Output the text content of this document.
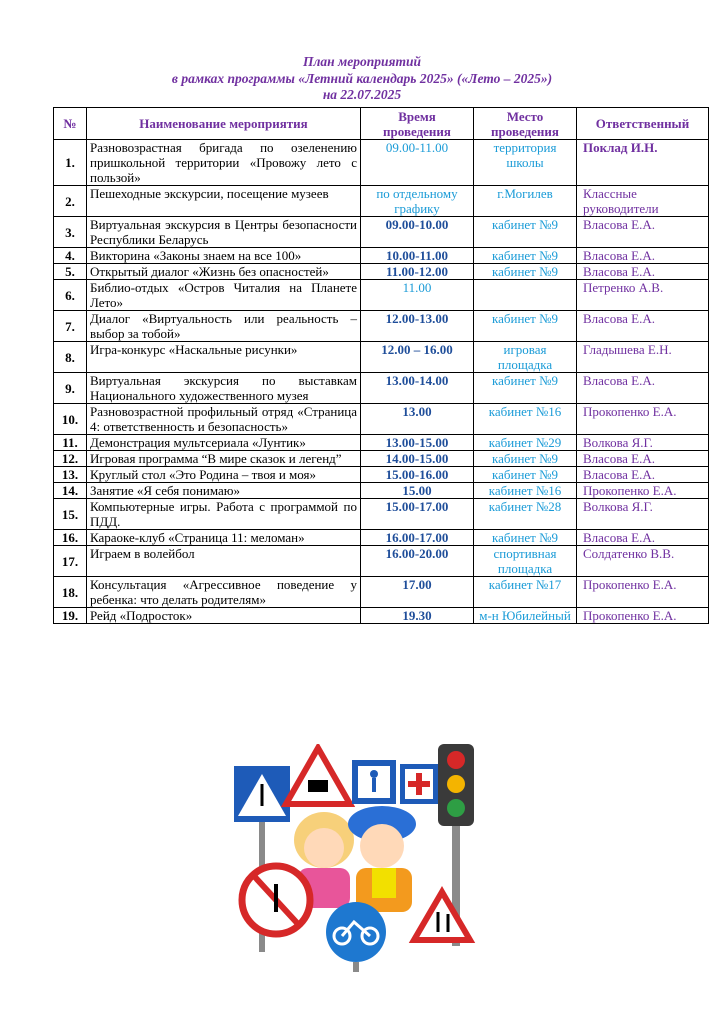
План мероприятий
в рамках программы «Летний календарь 2025» («Лето – 2025»)
на 22.07.2025
№	Наименование мероприятия	Время проведения	Место проведения	Ответственный
1.	Разновозрастная бригада по озеленению пришкольной территории «Провожу лето с пользой»	09.00-11.00	территория школы	Поклад И.Н.
2.	Пешеходные экскурсии, посещение музеев	по отдельному графику	г.Могилев	Классные руководители
3.	Виртуальная экскурсия в Центры безопасности Республики Беларусь	09.00-10.00	кабинет №9	Власова Е.А.
4.	Викторина «Законы знаем на все 100»	10.00-11.00	кабинет №9	Власова Е.А.
5.	Открытый диалог «Жизнь без опасностей»	11.00-12.00	кабинет №9	Власова Е.А.
6.	Библио-отдых «Остров Читалия на Планете Лето»	11.00		Петренко А.В.
7.	Диалог «Виртуальность или реальность – выбор за тобой»	12.00-13.00	кабинет №9	Власова Е.А.
8.	Игра-конкурс «Наскальные рисунки»	12.00 – 16.00	игровая площадка	Гладышева Е.Н.
9.	Виртуальная экскурсия по выставкам Национального художественного музея	13.00-14.00	кабинет №9	Власова Е.А.
10.	Разновозрастной профильный отряд «Страница 4: ответственность и безопасность»	13.00	кабинет №16	Прокопенко Е.А.
11.	Демонстрация мультсериала «Лунтик»	13.00-15.00	кабинет №29	Волкова Я.Г.
12.	Игровая программа “В мире сказок и легенд”	14.00-15.00	кабинет №9	Власова Е.А.
13.	Круглый стол «Это Родина – твоя и моя»	15.00-16.00	кабинет №9	Власова Е.А.
14.	Занятие «Я себя понимаю»	15.00	кабинет №16	Прокопенко Е.А.
15.	Компьютерные игры. Работа с программой по ПДД.	15.00-17.00	кабинет №28	Волкова Я.Г.
16.	Караоке-клуб «Страница 11: меломан»	16.00-17.00	кабинет №9	Власова Е.А.
17.	Играем в волейбол	16.00-20.00	спортивная площадка	Солдатенко В.В.
18.	Консультация «Агрессивное поведение у ребенка: что делать родителям»	17.00	кабинет №17	Прокопенко Е.А.
19.	Рейд «Подросток»	19.30	м-н Юбилейный	Прокопенко Е.А.
